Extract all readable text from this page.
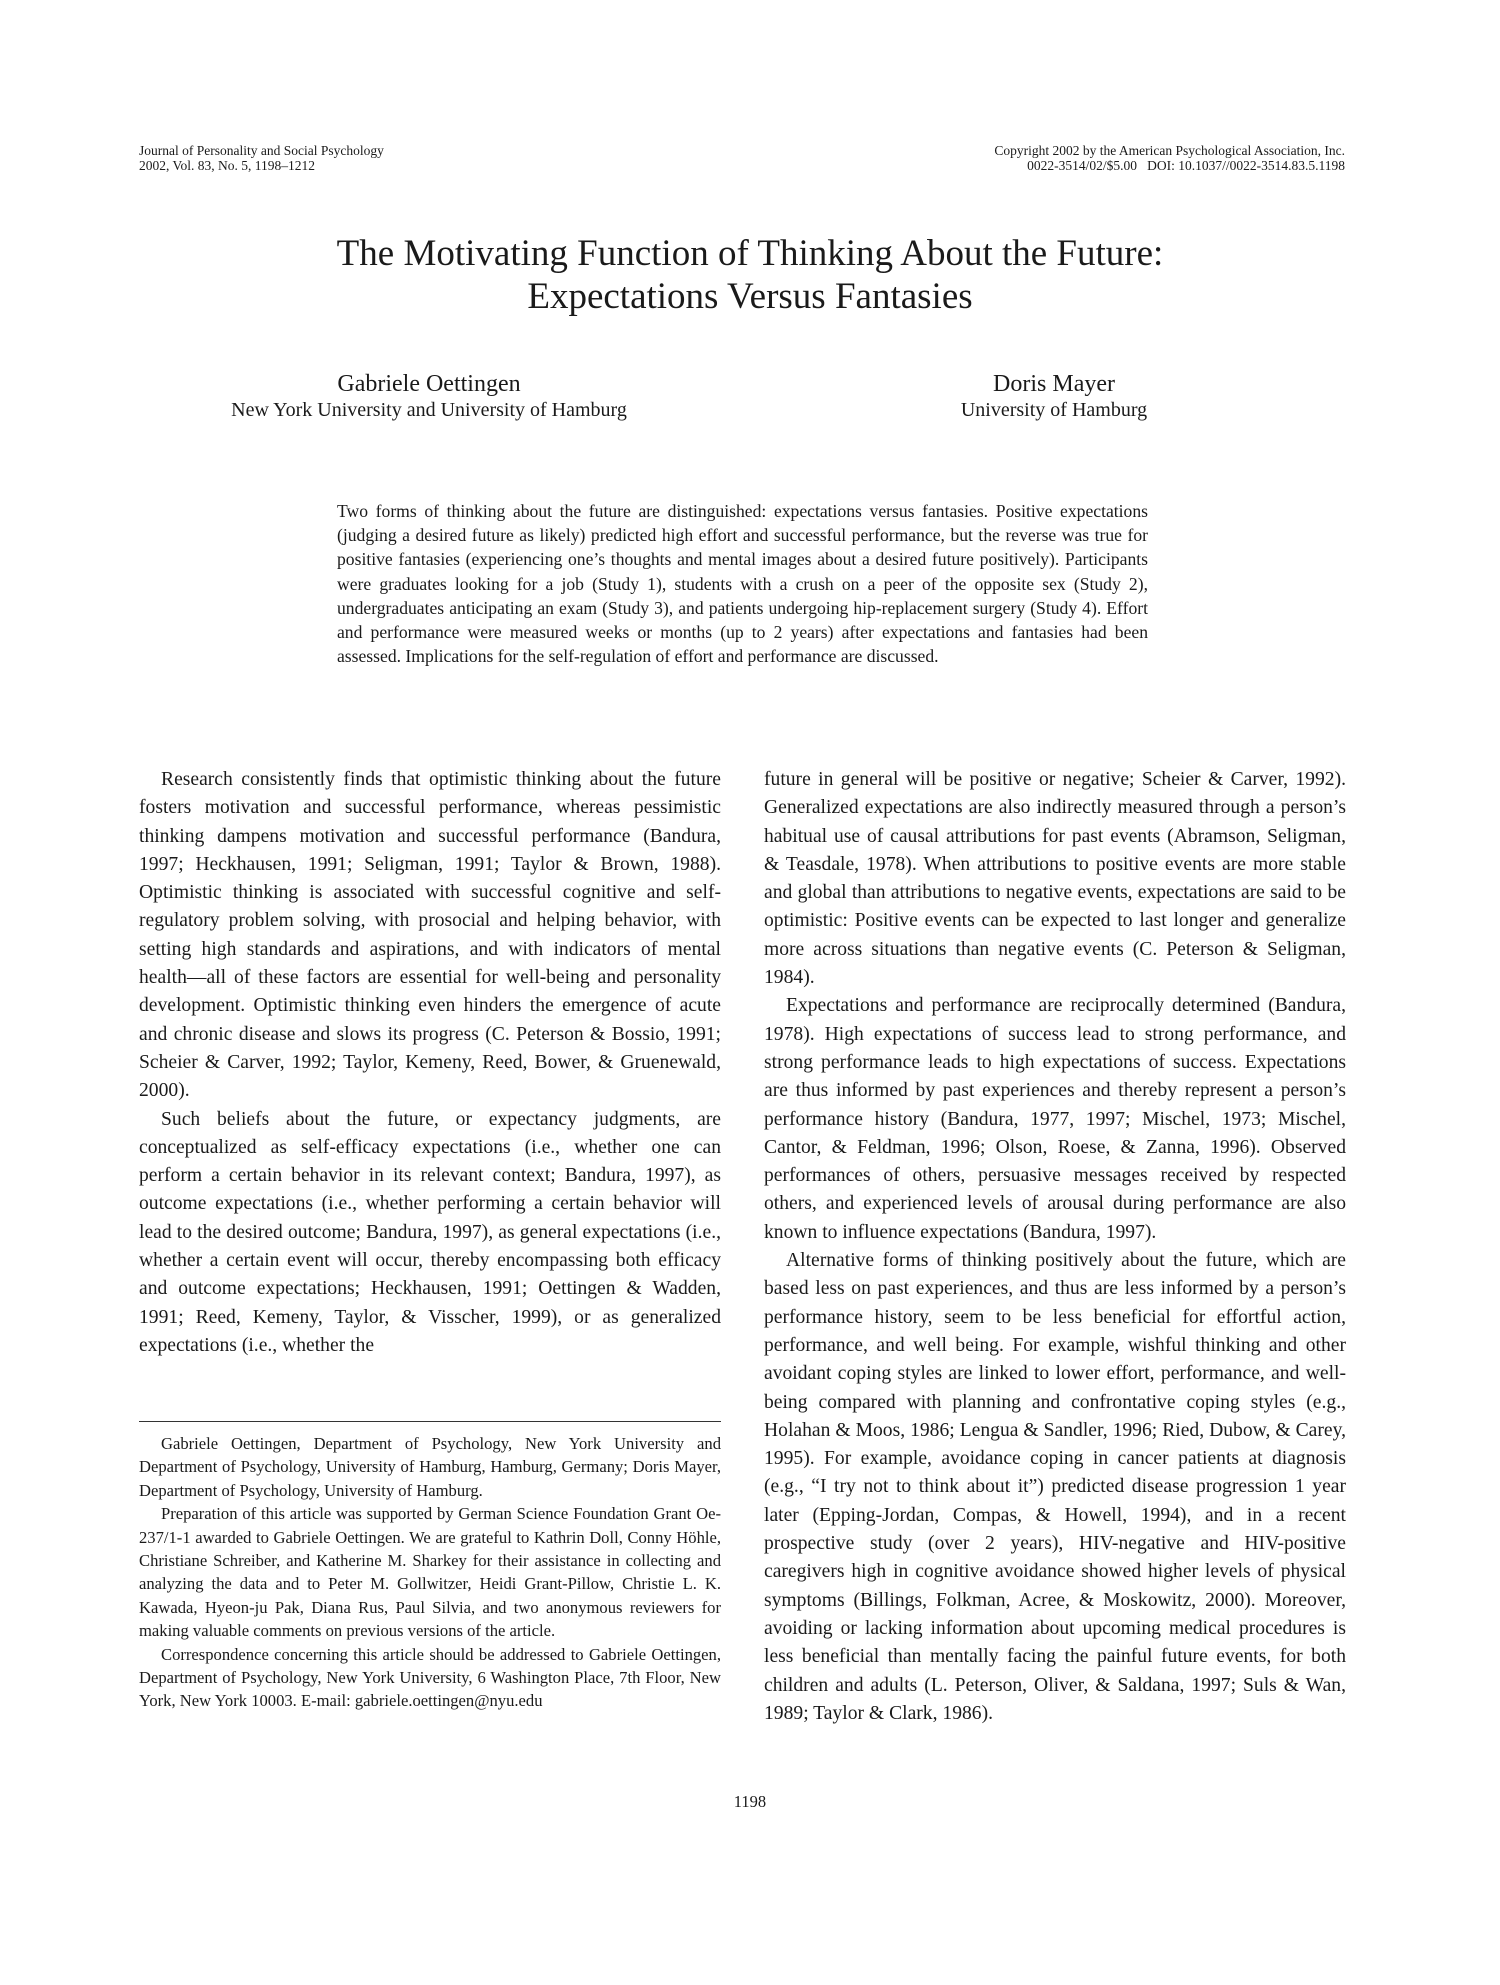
Journal of Personality and Social Psychology
2002, Vol. 83, No. 5, 1198–1212
Copyright 2002 by the American Psychological Association, Inc.
0022-3514/02/$5.00   DOI: 10.1037//0022-3514.83.5.1198
The Motivating Function of Thinking About the Future:
Expectations Versus Fantasies
Gabriele Oettingen
New York University and University of Hamburg
Doris Mayer
University of Hamburg
Two forms of thinking about the future are distinguished: expectations versus fantasies. Positive expectations (judging a desired future as likely) predicted high effort and successful performance, but the reverse was true for positive fantasies (experiencing one’s thoughts and mental images about a desired future positively). Participants were graduates looking for a job (Study 1), students with a crush on a peer of the opposite sex (Study 2), undergraduates anticipating an exam (Study 3), and patients undergoing hip-replacement surgery (Study 4). Effort and performance were measured weeks or months (up to 2 years) after expectations and fantasies had been assessed. Implications for the self-regulation of effort and performance are discussed.

Research consistently finds that optimistic thinking about the future fosters motivation and successful performance, whereas pessimistic thinking dampens motivation and successful performance (Bandura, 1997; Heckhausen, 1991; Seligman, 1991; Taylor & Brown, 1988). Optimistic thinking is associated with successful cognitive and self-regulatory problem solving, with prosocial and helping behavior, with setting high standards and aspirations, and with indicators of mental health—all of these factors are essential for well-being and personality development. Optimistic thinking even hinders the emergence of acute and chronic disease and slows its progress (C. Peterson & Bossio, 1991; Scheier & Carver, 1992; Taylor, Kemeny, Reed, Bower, & Gruenewald, 2000).

Such beliefs about the future, or expectancy judgments, are conceptualized as self-efficacy expectations (i.e., whether one can perform a certain behavior in its relevant context; Bandura, 1997), as outcome expectations (i.e., whether performing a certain behavior will lead to the desired outcome; Bandura, 1997), as general expectations (i.e., whether a certain event will occur, thereby encompassing both efficacy and outcome expectations; Heckhausen, 1991; Oettingen & Wadden, 1991; Reed, Kemeny, Taylor, & Visscher, 1999), or as generalized expectations (i.e., whether the

future in general will be positive or negative; Scheier & Carver, 1992). Generalized expectations are also indirectly measured through a person’s habitual use of causal attributions for past events (Abramson, Seligman, & Teasdale, 1978). When attributions to positive events are more stable and global than attributions to negative events, expectations are said to be optimistic: Positive events can be expected to last longer and generalize more across situations than negative events (C. Peterson & Seligman, 1984).

Expectations and performance are reciprocally determined (Bandura, 1978). High expectations of success lead to strong performance, and strong performance leads to high expectations of success. Expectations are thus informed by past experiences and thereby represent a person’s performance history (Bandura, 1977, 1997; Mischel, 1973; Mischel, Cantor, & Feldman, 1996; Olson, Roese, & Zanna, 1996). Observed performances of others, persuasive messages received by respected others, and experienced levels of arousal during performance are also known to influence expectations (Bandura, 1997).

Alternative forms of thinking positively about the future, which are based less on past experiences, and thus are less informed by a person’s performance history, seem to be less beneficial for effortful action, performance, and well being. For example, wishful thinking and other avoidant coping styles are linked to lower effort, performance, and well-being compared with planning and confrontative coping styles (e.g., Holahan & Moos, 1986; Lengua & Sandler, 1996; Ried, Dubow, & Carey, 1995). For example, avoidance coping in cancer patients at diagnosis (e.g., “I try not to think about it”) predicted disease progression 1 year later (Epping-Jordan, Compas, & Howell, 1994), and in a recent prospective study (over 2 years), HIV-negative and HIV-positive caregivers high in cognitive avoidance showed higher levels of physical symptoms (Billings, Folkman, Acree, & Moskowitz, 2000). Moreover, avoiding or lacking information about upcoming medical procedures is less beneficial than mentally facing the painful future events, for both children and adults (L. Peterson, Oliver, & Saldana, 1997; Suls & Wan, 1989; Taylor & Clark, 1986).

Gabriele Oettingen, Department of Psychology, New York University and Department of Psychology, University of Hamburg, Hamburg, Germany; Doris Mayer, Department of Psychology, University of Hamburg.

Preparation of this article was supported by German Science Foundation Grant Oe-237/1-1 awarded to Gabriele Oettingen. We are grateful to Kathrin Doll, Conny Höhle, Christiane Schreiber, and Katherine M. Sharkey for their assistance in collecting and analyzing the data and to Peter M. Gollwitzer, Heidi Grant-Pillow, Christie L. K. Kawada, Hyeon-ju Pak, Diana Rus, Paul Silvia, and two anonymous reviewers for making valuable comments on previous versions of the article.

Correspondence concerning this article should be addressed to Gabriele Oettingen, Department of Psychology, New York University, 6 Washington Place, 7th Floor, New York, New York 10003. E-mail: gabriele.oettingen@nyu.edu

1198
